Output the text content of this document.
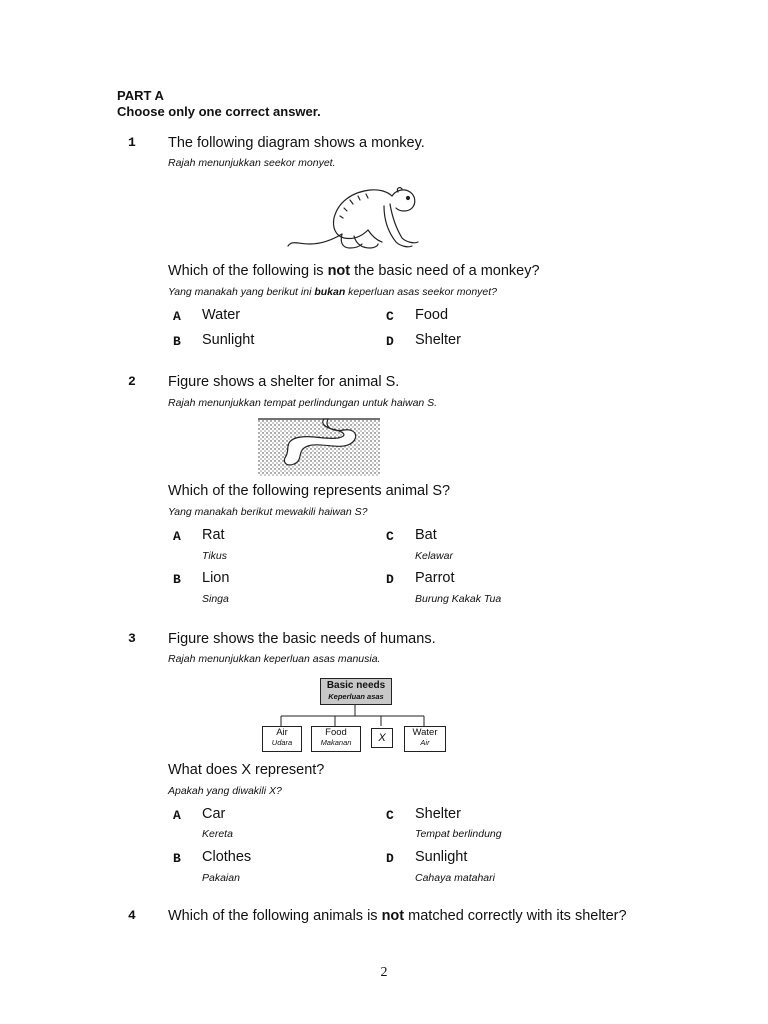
PART A
Choose only one correct answer.
1 The following diagram shows a monkey.
Rajah menunjukkan seekor monyet.
Which of the following is not the basic need of a monkey?
Yang manakah yang berikut ini bukan keperluan asas seekor monyet?
A Water	C Food
B Sunlight	D Shelter
2 Figure shows a shelter for animal S.
Rajah menunjukkan tempat perlindungan untuk haiwan S.
Which of the following represents animal S?
Yang manakah berikut mewakili haiwan S?
A Rat
Tikus
C Bat
Kelawar
B Lion
Singa
D Parrot
Burung Kakak Tua
3 Figure shows the basic needs of humans.
Rajah menunjukkan keperluan asas manusia.
Basic needs
Keperluan asas
Air
Udara
Food
Makanan	X	Water
Air
What does X represent?
Apakah yang diwakili X?
A Car
Kereta
C Shelter
Tempat berlindung
B Clothes
Pakaian
D Sunlight
Cahaya matahari
4 Which of the following animals is not matched correctly with its shelter?
2
